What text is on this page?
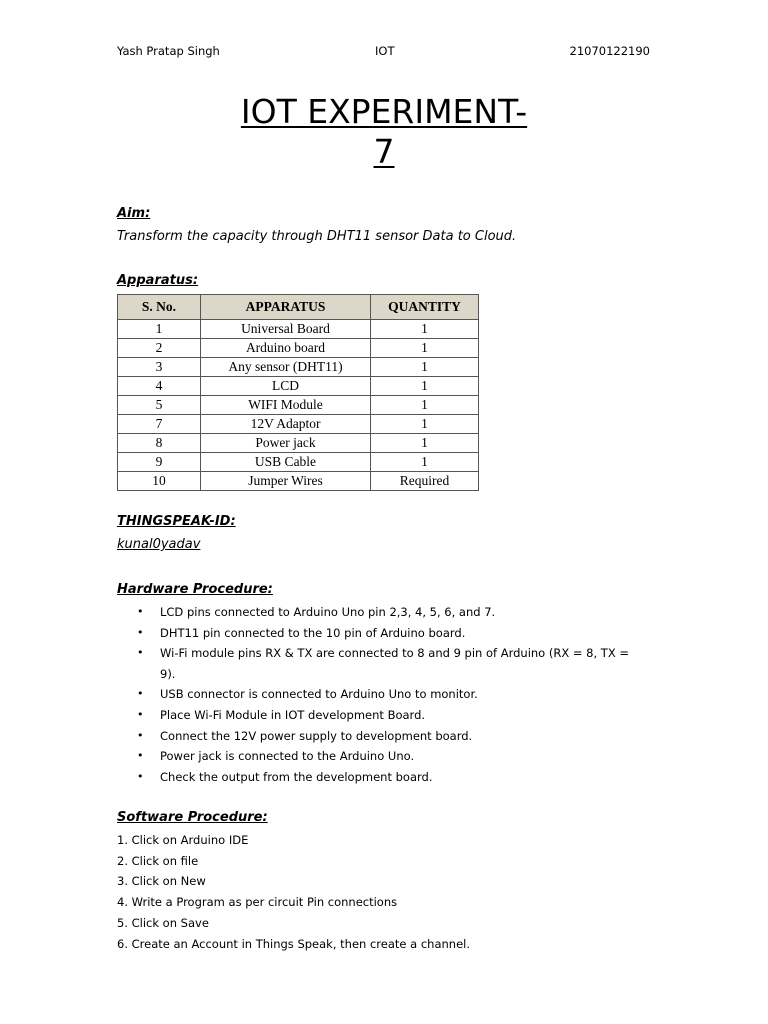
Yash Pratap Singh	IOT	21070122190
IOT EXPERIMENT-
7
Aim:
Transform the capacity through DHT11 sensor Data to Cloud.
Apparatus:
S. No.	APPARATUS	QUANTITY
1	Universal Board	1
2	Arduino board	1
3	Any sensor (DHT11)	1
4	LCD	1
5	WIFI Module	1
7	12V Adaptor	1
8	Power jack	1
9	USB Cable	1
10	Jumper Wires	Required
THINGSPEAK-ID:
kunal0yadav
Hardware Procedure:
• LCD pins connected to Arduino Uno pin 2,3, 4, 5, 6, and 7.
• DHT11 pin connected to the 10 pin of Arduino board.
• Wi-Fi module pins RX & TX are connected to 8 and 9 pin of Arduino (RX = 8, TX = 9).
• USB connector is connected to Arduino Uno to monitor.
• Place Wi-Fi Module in IOT development Board.
• Connect the 12V power supply to development board.
• Power jack is connected to the Arduino Uno.
• Check the output from the development board.
Software Procedure:
1. Click on Arduino IDE
2. Click on file
3. Click on New
4. Write a Program as per circuit Pin connections
5. Click on Save
6. Create an Account in Things Speak, then create a channel.
